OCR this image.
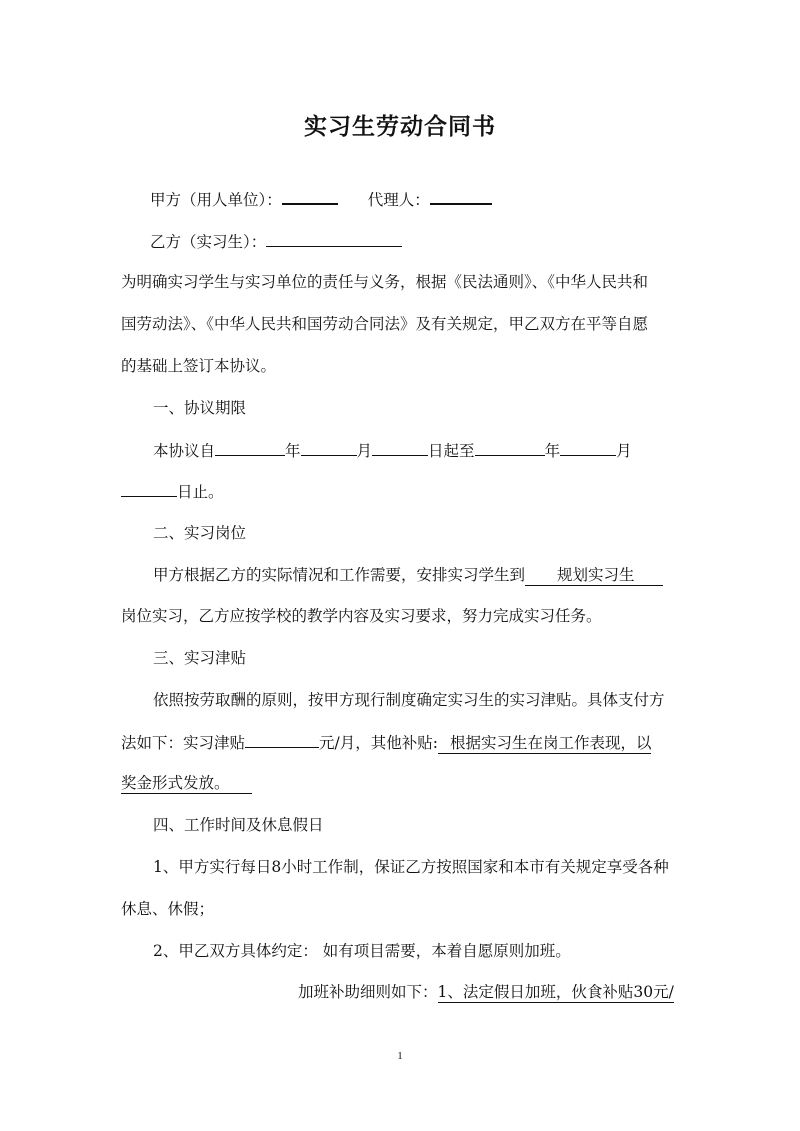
实习生劳动合同书
甲方（用人单位）：	代理人：
乙方（实习生）：
为明确实习学生与实习单位的责任与义务，根据《民法通则》、《中华人民共和
国劳动法》、《中华人民共和国劳动合同法》及有关规定，甲乙双方在平等自愿
的基础上签订本协议。
一、协议期限
本协议自	年	月	日起至	年	月
日止。
二、实习岗位
甲方根据乙方的实际情况和工作需要，安排实习学生到 规划实习生
岗位实习，乙方应按学校的教学内容及实习要求，努力完成实习任务。
三、实习津贴
依照按劳取酬的原则，按甲方现行制度确定实习生的实习津贴。具体支付方
法如下：实习津贴	元/月，其他补贴: 根据实习生在岗工作表现，以
奖金形式发放。
四、工作时间及休息假日
1、甲方实行每日8小时工作制，保证乙方按照国家和本市有关规定享受各种
休息、休假；
2、甲乙双方具体约定： 如有项目需要，本着自愿原则加班。
加班补助细则如下：1、法定假日加班，伙食补贴30元/
1
